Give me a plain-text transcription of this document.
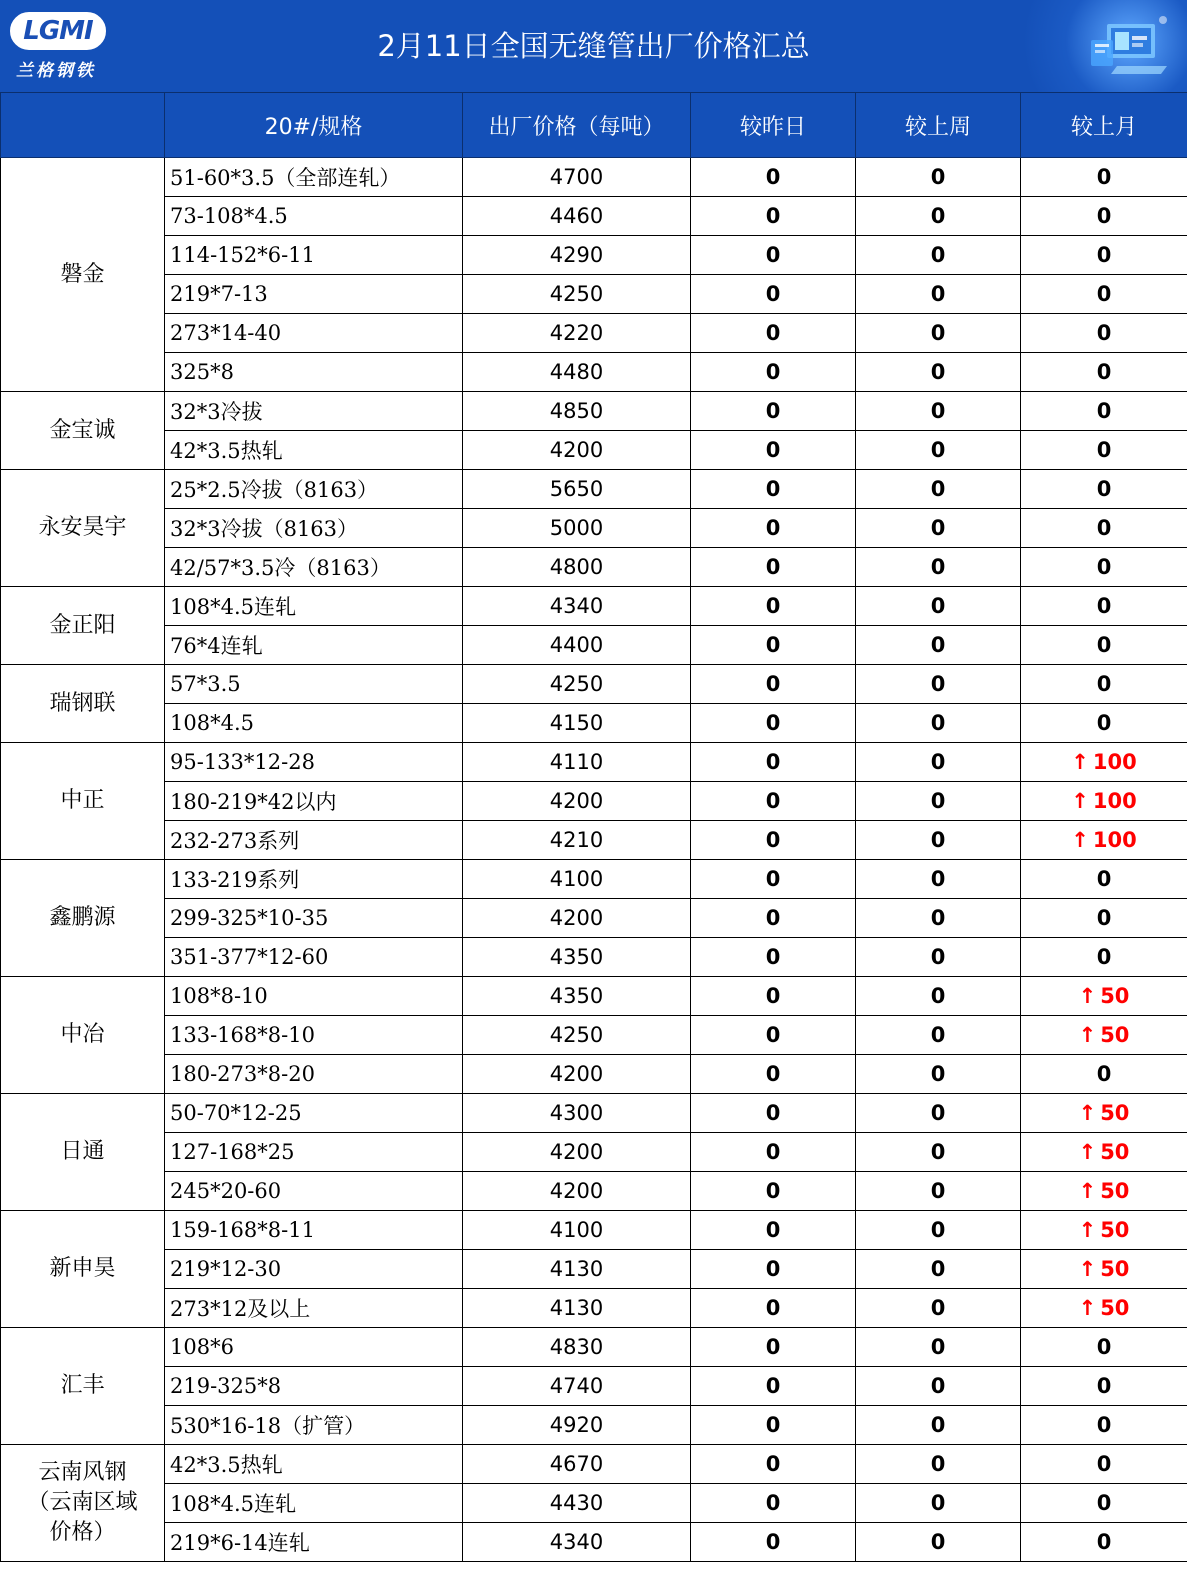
LGMI
兰格钢铁
2月11日全国无缝管出厂价格汇总
	20#/规格	出厂价格（每吨）	较昨日	较上周	较上月
磐金	51-60*3.5（全部连轧）	4700	0	0	0
	73-108*4.5	4460	0	0	0
	114-152*6-11	4290	0	0	0
	219*7-13	4250	0	0	0
	273*14-40	4220	0	0	0
	325*8	4480	0	0	0
金宝诚	32*3冷拔	4850	0	0	0
	42*3.5热轧	4200	0	0	0
永安昊宇	25*2.5冷拔（8163）	5650	0	0	0
	32*3冷拔（8163）	5000	0	0	0
	42/57*3.5冷（8163）	4800	0	0	0
金正阳	108*4.5连轧	4340	0	0	0
	76*4连轧	4400	0	0	0
瑞钢联	57*3.5	4250	0	0	0
	108*4.5	4150	0	0	0
中正	95-133*12-28	4110	0	0	↑ 100
	180-219*42以内	4200	0	0	↑ 100
	232-273系列	4210	0	0	↑ 100
鑫鹏源	133-219系列	4100	0	0	0
	299-325*10-35	4200	0	0	0
	351-377*12-60	4350	0	0	0
中冶	108*8-10	4350	0	0	↑ 50
	133-168*8-10	4250	0	0	↑ 50
	180-273*8-20	4200	0	0	0
日通	50-70*12-25	4300	0	0	↑ 50
	127-168*25	4200	0	0	↑ 50
	245*20-60	4200	0	0	↑ 50
新申昊	159-168*8-11	4100	0	0	↑ 50
	219*12-30	4130	0	0	↑ 50
	273*12及以上	4130	0	0	↑ 50
汇丰	108*6	4830	0	0	0
	219-325*8	4740	0	0	0
	530*16-18（扩管）	4920	0	0	0
云南风钢（云南区域价格）	42*3.5热轧	4670	0	0	0
	108*4.5连轧	4430	0	0	0
	219*6-14连轧	4340	0	0	0
